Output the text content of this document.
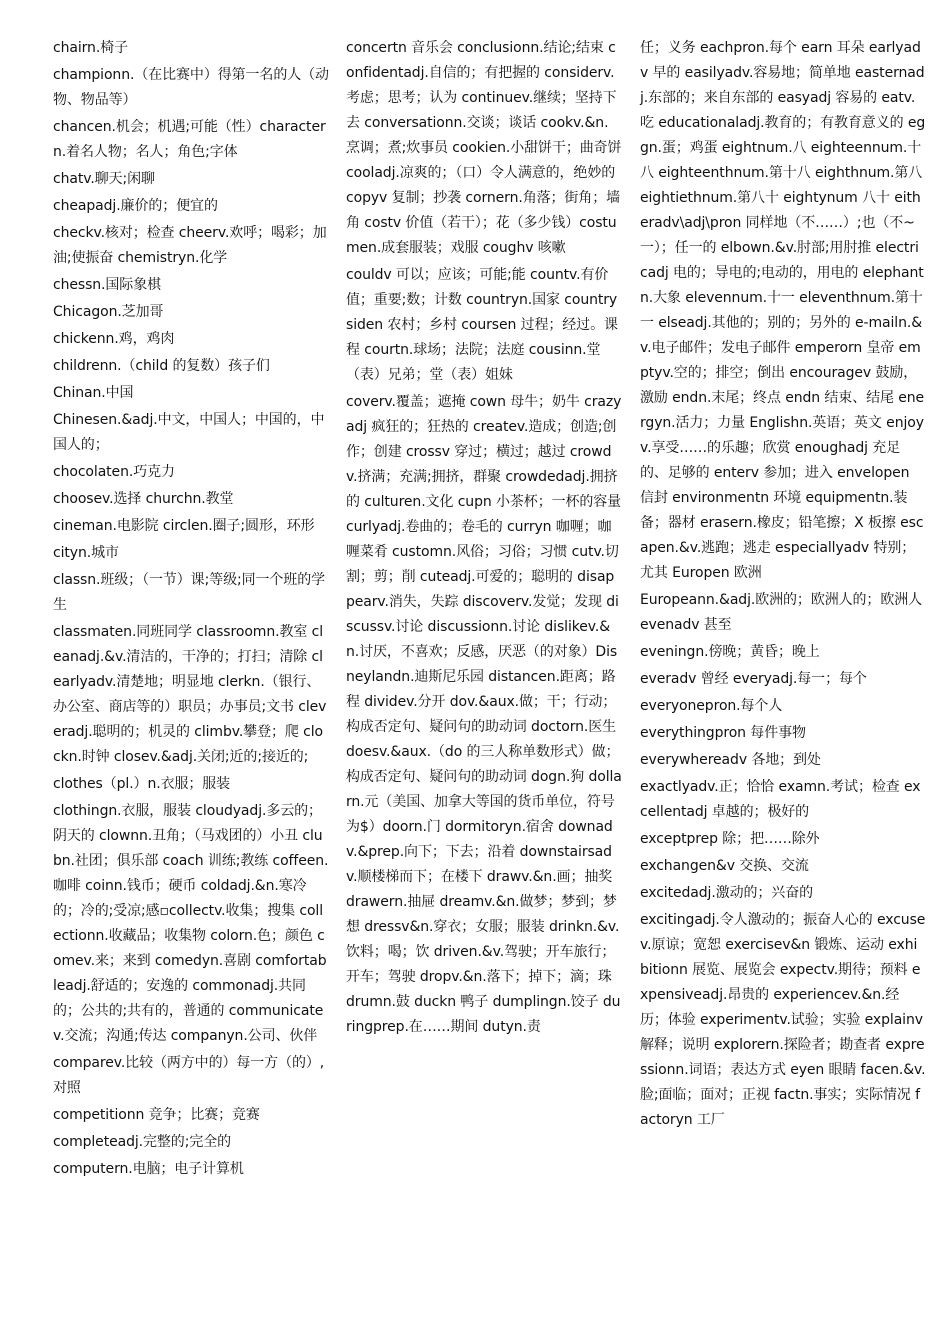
chairn.椅子

championn.（在比赛中）得第一名的人（动物、物品等）

chancen.机会；机遇;可能（性）charactern.着名人物；名人；角色;字体

chatv.聊天;闲聊

cheapadj.廉价的；便宜的

checkv.核对；检查 cheerv.欢呼；喝彩；加油;使振奋 chemistryn.化学

chessn.国际象棋

Chicagon.芝加哥

chickenn.鸡，鸡肉

childrenn.（child 的复数）孩子们

Chinan.中国

Chinesen.&adj.中文，中国人；中国的，中国人的；

chocolaten.巧克力

choosev.选择 churchn.教堂

cineman.电影院 circlen.圈子;圆形，环形

cityn.城市

classn.班级；（一节）课;等级;同一个班的学生

classmaten.同班同学 classroomn.教室 cleanadj.&v.清洁的，干净的；打扫；清除 clearlyadv.清楚地；明显地 clerkn.（银行、办公室、商店等的）职员；办事员;文书 cleveradj.聪明的；机灵的 climbv.攀登；爬 clockn.时钟 closev.&adj.关闭;近的;接近的;

clothes（pl.）n.衣服；服装

clothingn.衣服，服装 cloudyadj.多云的；阴天的 clownn.丑角；（马戏团的）小丑 clubn.社团；俱乐部 coach 训练;教练 coffeen.咖啡 coinn.钱币；硬币 coldadj.&n.寒冷的；冷的;受凉;感▫collectv.收集；搜集 collectionn.收藏品；收集物 colorn.色；颜色 comev.来；来到 comedyn.喜剧 comfortableadj.舒适的；安逸的 commonadj.共同的；公共的;共有的，普通的 communicatev.交流；沟通;传达 companyn.公司、伙伴

comparev.比较（两方中的）每一方（的）,对照

competitionn 竞争；比赛；竞赛

completeadj.完整的;完全的

computern.电脑；电子计算机

concertn 音乐会 conclusionn.结论;结束 confidentadj.自信的；有把握的 considerv.考虑；思考；认为 continuev.继续；坚持下去 conversationn.交谈；谈话 cookv.&n.烹调；煮;炊事员 cookien.小甜饼干；曲奇饼 cooladj.凉爽的；（口）令人满意的，绝妙的 copyv 复制；抄袭 cornern.角落；街角；墙角 costv 价值（若干）；花（多少钱）costumen.成套服装；戏服 coughv 咳嗽

couldv 可以；应该；可能;能 countv.有价值；重要;数；计数 countryn.国家 countrysiden 农村；乡村 coursen 过程；经过。课程 courtn.球场；法院；法庭 cousinn.堂（表）兄弟；堂（表）姐妹

coverv.覆盖；遮掩 cown 母牛；奶牛 crazyadj 疯狂的；狂热的 createv.造成；创造;创作；创建 crossv 穿过；横过；越过 crowdv.挤满；充满;拥挤，群聚 crowdedadj.拥挤的 culturen.文化 cupn 小茶杯；一杯的容量 curlyadj.卷曲的；卷毛的 curryn 咖喱；咖喱菜肴 customn.风俗；习俗；习惯 cutv.切割；剪；削 cuteadj.可爱的；聪明的 disappearv.消失，失踪 discoverv.发觉；发现 discussv.讨论 discussionn.讨论 dislikev.&n.讨厌，不喜欢；反感，厌恶（的对象）Disneylandn.迪斯尼乐园 distancen.距离；路程 dividev.分开 dov.&aux.做；干；行动；构成否定句、疑问句的助动词 doctorn.医生 doesv.&aux.（do 的三人称单数形式）做；构成否定句、疑问句的助动词 dogn.狗 dollarn.元（美国、加拿大等国的货币单位，符号为$）doorn.门 dormitoryn.宿舍 downadv.&prep.向下；下去；沿着 downstairsadv.顺楼梯而下；在楼下 drawv.&n.画；抽奖 drawern.抽屉 dreamv.&n.做梦；梦到；梦想 dressv&n.穿衣；女服；服装 drinkn.&v.饮料；喝；饮 driven.&v.驾驶；开车旅行；开车；驾驶 dropv.&n.落下；掉下；滴；珠 drumn.鼓 duckn 鸭子 dumplingn.饺子 duringprep.在……期间 dutyn.责

任；义务 eachpron.每个 earn 耳朵 earlyadv 早的 easilyadv.容易地；简单地 easternadj.东部的；来自东部的 easyadj 容易的 eatv.吃 educationaladj.教育的；有教育意义的 eggn.蛋；鸡蛋 eightnum.八 eighteennum.十八 eighteenthnum.第十八 eighthnum.第八 eightiethnum.第八十 eightynum 八十 eitheradv\adj\pron 同样地（不……）;也（不~一）；任一的 elbown.&v.肘部;用肘推 electricadj 电的；导电的;电动的，用电的 elephantn.大象 elevennum.十一 eleventhnum.第十一 elseadj.其他的；别的；另外的 e-mailn.&v.电子邮件；发电子邮件 emperorn 皇帝 emptyv.空的；排空；倒出 encouragev 鼓励，激励 endn.末尾；终点 endn 结束、结尾 energyn.活力；力量 Englishn.英语；英文 enjoyv.享受……的乐趣；欣赏 enoughadj 充足的、足够的 enterv 参加；进入 envelopen 信封 environmentn 环境 equipmentn.装备；器材 erasern.橡皮；铅笔擦；X 板擦 escapen.&v.逃跑；逃走 especiallyadv 特别；尤其 Europen 欧洲

Europeann.&adj.欧洲的；欧洲人的；欧洲人 evenadv 甚至

eveningn.傍晚；黄昏；晚上

everadv 曾经 everyadj.每一；每个

everyonepron.每个人

everythingpron 每件事物

everywhereadv 各地；到处

exactlyadv.正；恰恰 examn.考试；检查 excellentadj 卓越的；极好的

exceptprep 除；把……除外

exchangen&v 交换、交流

excitedadj.激动的；兴奋的

excitingadj.令人激动的；振奋人心的 excusev.原谅；宽恕 exercisev&n 锻炼、运动 exhibitionn 展览、展览会 expectv.期待；预料 expensiveadj.昂贵的 experiencev.&n.经历；体验 experimentv.试验；实验 explainv 解释；说明 explorern.探险者；勘查者 expressionn.词语；表达方式 eyen 眼睛 facen.&v.脸;面临；面对；正视 factn.事实；实际情况 factoryn 工厂
